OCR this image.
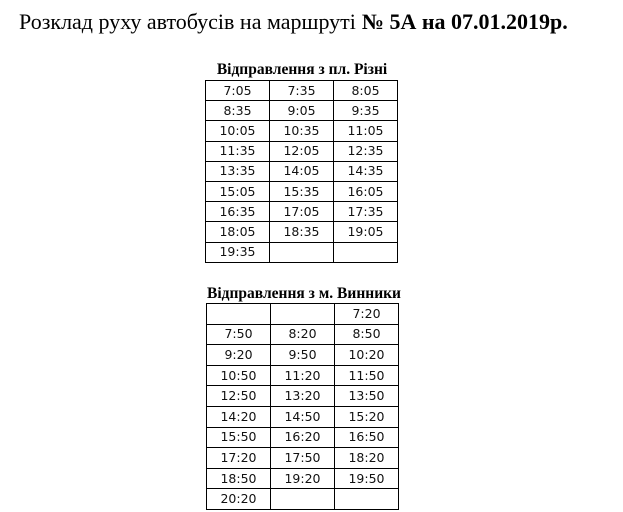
Розклад руху автобусів на маршруті № 5А на 07.01.2019р.
Відправлення з пл. Різні
7:05	7:35	8:05
8:35	9:05	9:35
10:05	10:35	11:05
11:35	12:05	12:35
13:35	14:05	14:35
15:05	15:35	16:05
16:35	17:05	17:35
18:05	18:35	19:05
19:35		
Відправлення з м. Винники
		7:20
7:50	8:20	8:50
9:20	9:50	10:20
10:50	11:20	11:50
12:50	13:20	13:50
14:20	14:50	15:20
15:50	16:20	16:50
17:20	17:50	18:20
18:50	19:20	19:50
20:20		
